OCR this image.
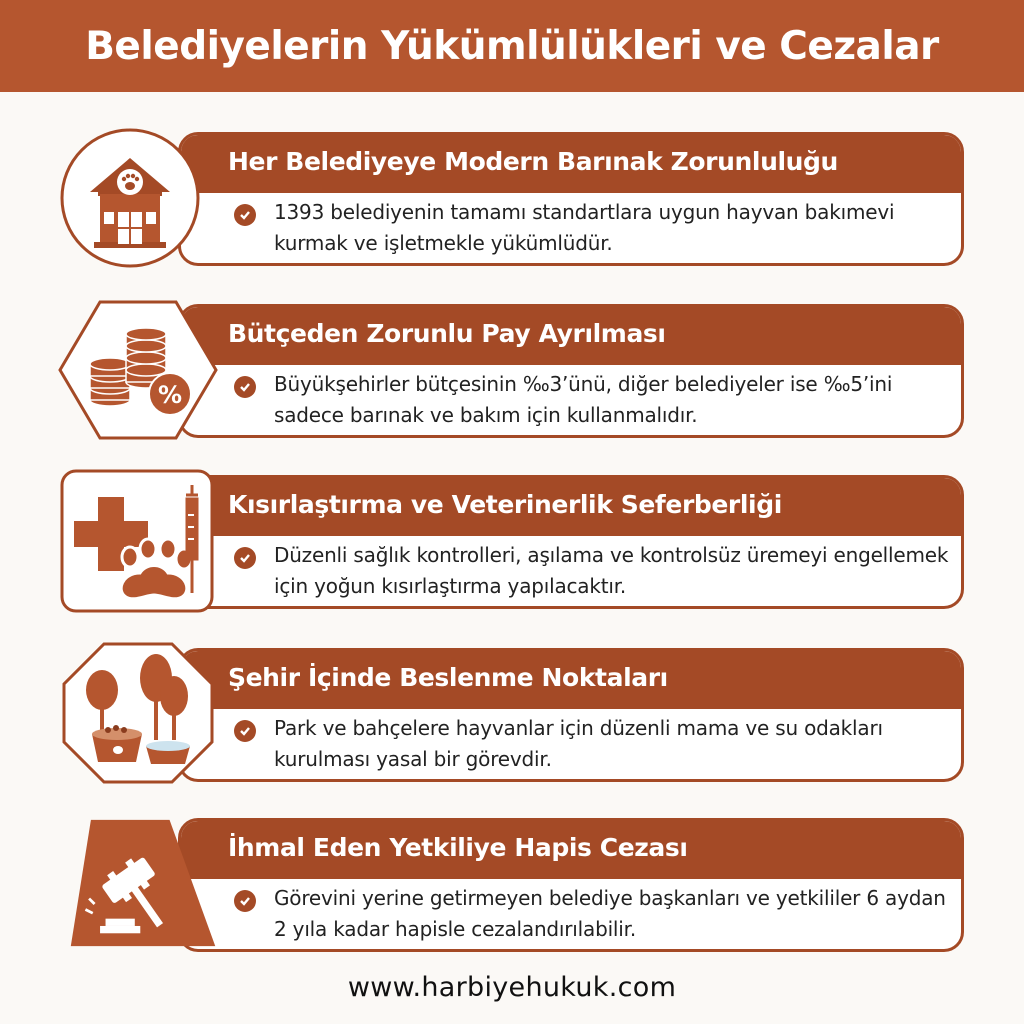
Belediyelerin Yükümlülükleri ve Cezalar
Her Belediyeye Modern Barınak Zorunluluğu
1393 belediyenin tamamı standartlara uygun hayvan bakımevi kurmak ve işletmekle yükümlüdür.
%
Bütçeden Zorunlu Pay Ayrılması
Büyükşehirler bütçesinin ‰3’ünü, diğer belediyeler ise ‰5’ini sadece barınak ve bakım için kullanmalıdır.
Kısırlaştırma ve Veterinerlik Seferberliği
Düzenli sağlık kontrolleri, aşılama ve kontrolsüz üremeyi engellemek için yoğun kısırlaştırma yapılacaktır.
Şehir İçinde Beslenme Noktaları
Park ve bahçelere hayvanlar için düzenli mama ve su odakları kurulması yasal bir görevdir.
İhmal Eden Yetkiliye Hapis Cezası
Görevini yerine getirmeyen belediye başkanları ve yetkililer 6 aydan 2 yıla kadar hapisle cezalandırılabilir.
www.harbiyehukuk.com
